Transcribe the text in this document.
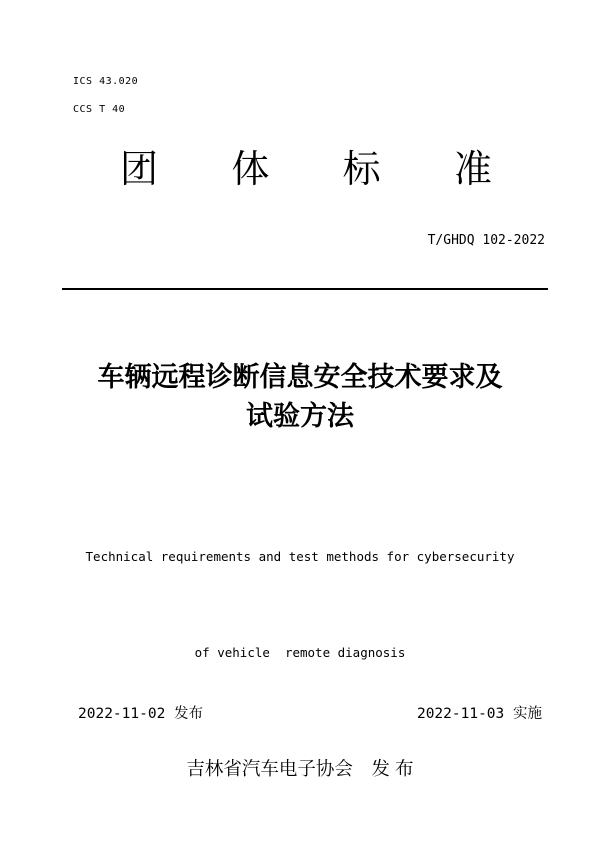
ICS 43.020
CCS T 40
团 体 标 准
T/GHDQ 102-2022
车辆远程诊断信息安全技术要求及
试验方法

Technical requirements and test methods for cybersecurity

of vehicle  remote diagnosis

2022-11-02 发布	2022-11-03 实施
吉林省汽车电子协会　发 布
